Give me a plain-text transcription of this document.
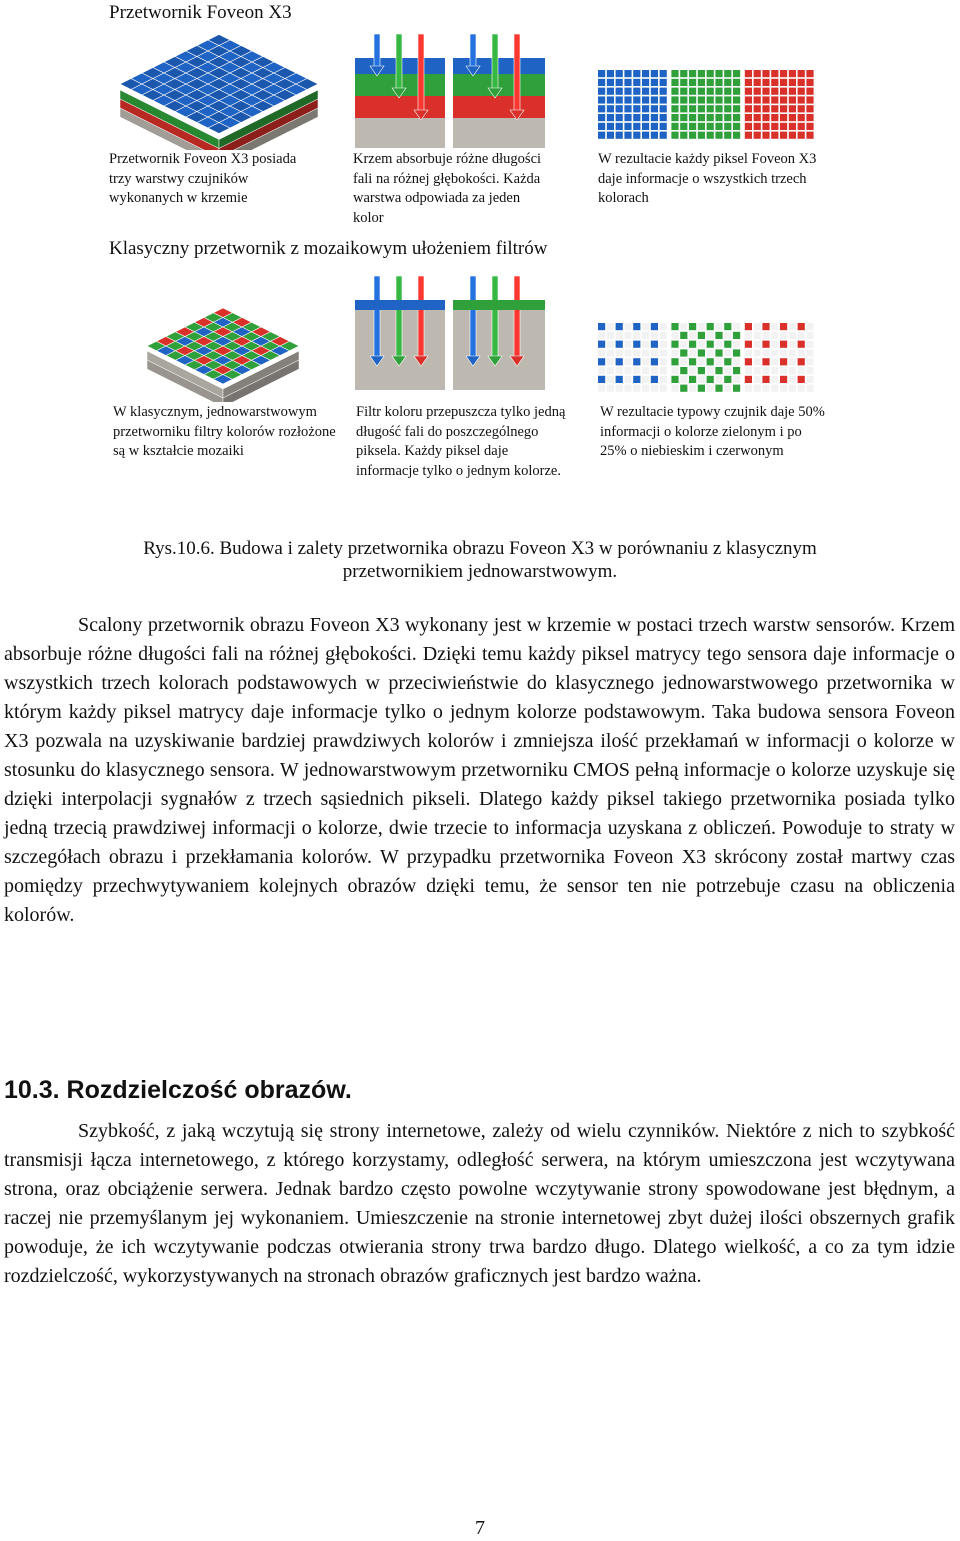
Przetwornik Foveon X3
Przetwornik Foveon X3 posiada trzy warstwy czujników wykonanych w krzemie
Krzem absorbuje różne długości fali na różnej głębokości. Każda warstwa odpowiada za jeden kolor
W rezultacie każdy piksel Foveon X3 daje informacje o wszystkich trzech kolorach
Klasyczny przetwornik z mozaikowym ułożeniem filtrów
W klasycznym, jednowarstwowym przetworniku filtry kolorów rozłożone są w kształcie mozaiki
Filtr koloru przepuszcza tylko jedną długość fali do poszczególnego piksela. Każdy piksel daje informacje tylko o jednym kolorze.
W rezultacie typowy czujnik daje 50% informacji o kolorze zielonym i po 25% o niebieskim i czerwonym
Rys.10.6. Budowa i zalety przetwornika obrazu Foveon X3 w porównaniu z klasycznym
przetwornikiem jednowarstwowym.

Scalony przetwornik obrazu Foveon X3 wykonany jest w krzemie w postaci trzech warstw sensorów. Krzem absorbuje różne długości fali na różnej głębokości. Dzięki temu każdy piksel matrycy tego sensora daje informacje o wszystkich trzech kolorach podstawowych w przeciwieństwie do klasycznego jednowarstwowego przetwornika w którym każdy piksel matrycy daje informacje tylko o jednym kolorze podstawowym. Taka budowa sensora Foveon X3 pozwala na uzyskiwanie bardziej prawdziwych kolorów i zmniejsza ilość przekłamań w informacji o kolorze w stosunku do klasycznego sensora. W jednowarstwowym przetworniku CMOS pełną informacje o kolorze uzyskuje się dzięki interpolacji sygnałów z trzech sąsiednich pikseli. Dlatego każdy piksel takiego przetwornika posiada tylko jedną trzecią prawdziwej informacji o kolorze, dwie trzecie to informacja uzyskana z obliczeń. Powoduje to straty w szczegółach obrazu i przekłamania kolorów. W przypadku przetwornika Foveon X3 skrócony został martwy czas pomiędzy przechwytywaniem kolejnych obrazów dzięki temu, że sensor ten nie potrzebuje czasu na obliczenia kolorów.

10.3. Rozdzielczość obrazów.

Szybkość, z jaką wczytują się strony internetowe, zależy od wielu czynników. Niektóre z nich to szybkość transmisji łącza internetowego, z którego korzystamy, odległość serwera, na którym umieszczona jest wczytywana strona, oraz obciążenie serwera. Jednak bardzo często powolne wczytywanie strony spowodowane jest błędnym, a raczej nie przemyślanym jej wykonaniem. Umieszczenie na stronie internetowej zbyt dużej ilości obszernych grafik powoduje, że ich wczytywanie podczas otwierania strony trwa bardzo długo. Dlatego wielkość, a co za tym idzie rozdzielczość, wykorzystywanych na stronach obrazów graficznych jest bardzo ważna.

7
